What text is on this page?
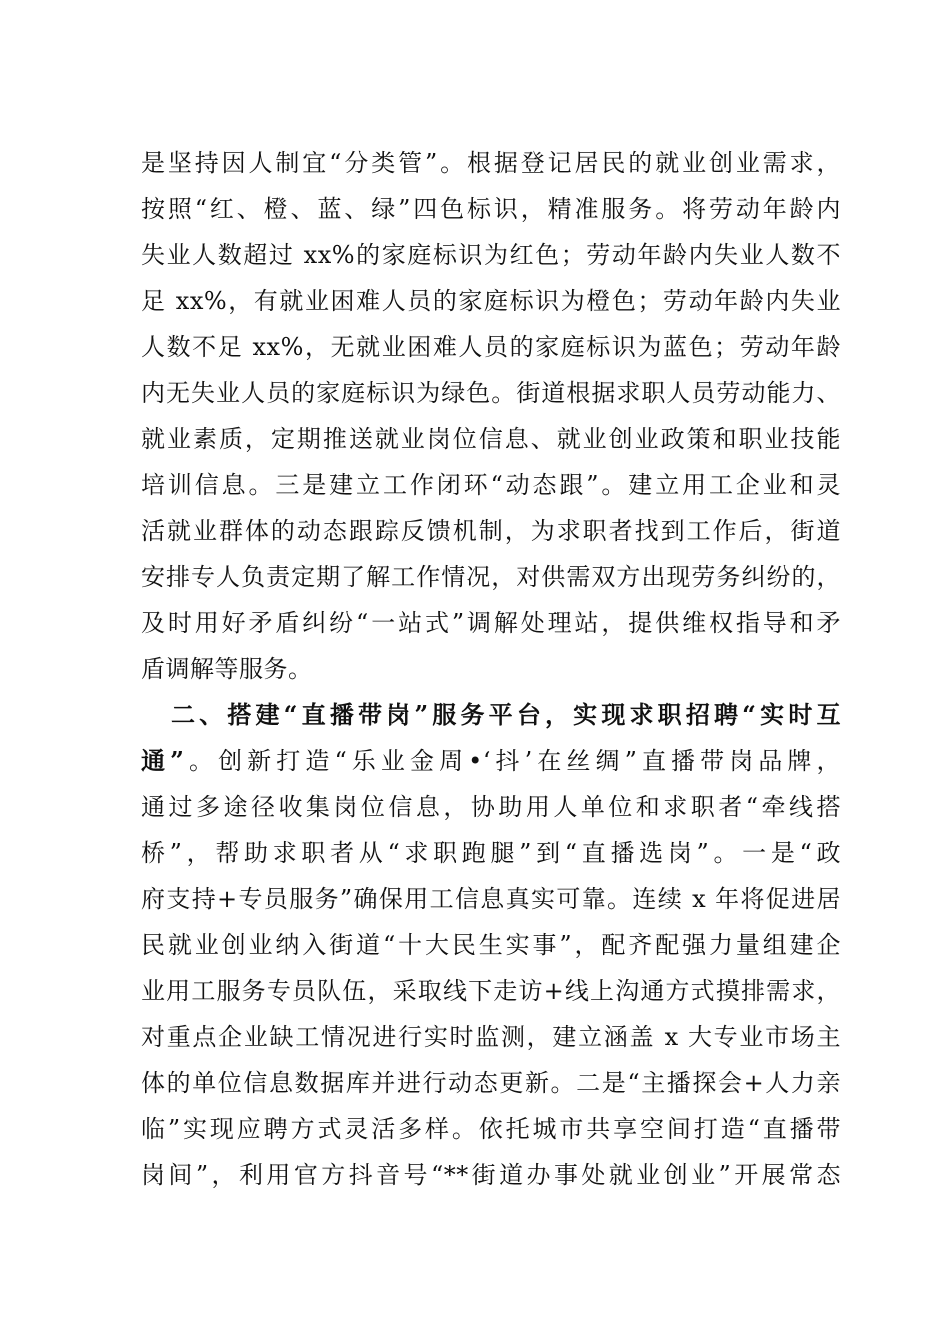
是坚持因人制宜“分类管”。根据登记居民的就业创业需求，
按照“红、橙、蓝、绿”四色标识，精准服务。将劳动年龄内
失业人数超过 xx%的家庭标识为红色；劳动年龄内失业人数不
足 xx%，有就业困难人员的家庭标识为橙色；劳动年龄内失业
人数不足 xx%，无就业困难人员的家庭标识为蓝色；劳动年龄
内无失业人员的家庭标识为绿色。街道根据求职人员劳动能力、
就业素质，定期推送就业岗位信息、就业创业政策和职业技能
培训信息。三是建立工作闭环“动态跟”。建立用工企业和灵
活就业群体的动态跟踪反馈机制，为求职者找到工作后，街道
安排专人负责定期了解工作情况，对供需双方出现劳务纠纷的，
及时用好矛盾纠纷“一站式”调解处理站，提供维权指导和矛
盾调解等服务。
二、搭建“直播带岗”服务平台，实现求职招聘“实时互
通”。创新打造“乐业金周•‘抖’在丝绸”直播带岗品牌，
通过多途径收集岗位信息，协助用人单位和求职者“牵线搭
桥”，帮助求职者从“求职跑腿”到“直播选岗”。一是“政
府支持+专员服务”确保用工信息真实可靠。连续 x 年将促进居
民就业创业纳入街道“十大民生实事”，配齐配强力量组建企
业用工服务专员队伍，采取线下走访+线上沟通方式摸排需求，
对重点企业缺工情况进行实时监测，建立涵盖 x 大专业市场主
体的单位信息数据库并进行动态更新。二是“主播探会+人力亲
临”实现应聘方式灵活多样。依托城市共享空间打造“直播带
岗间”，利用官方抖音号“**街道办事处就业创业”开展常态
